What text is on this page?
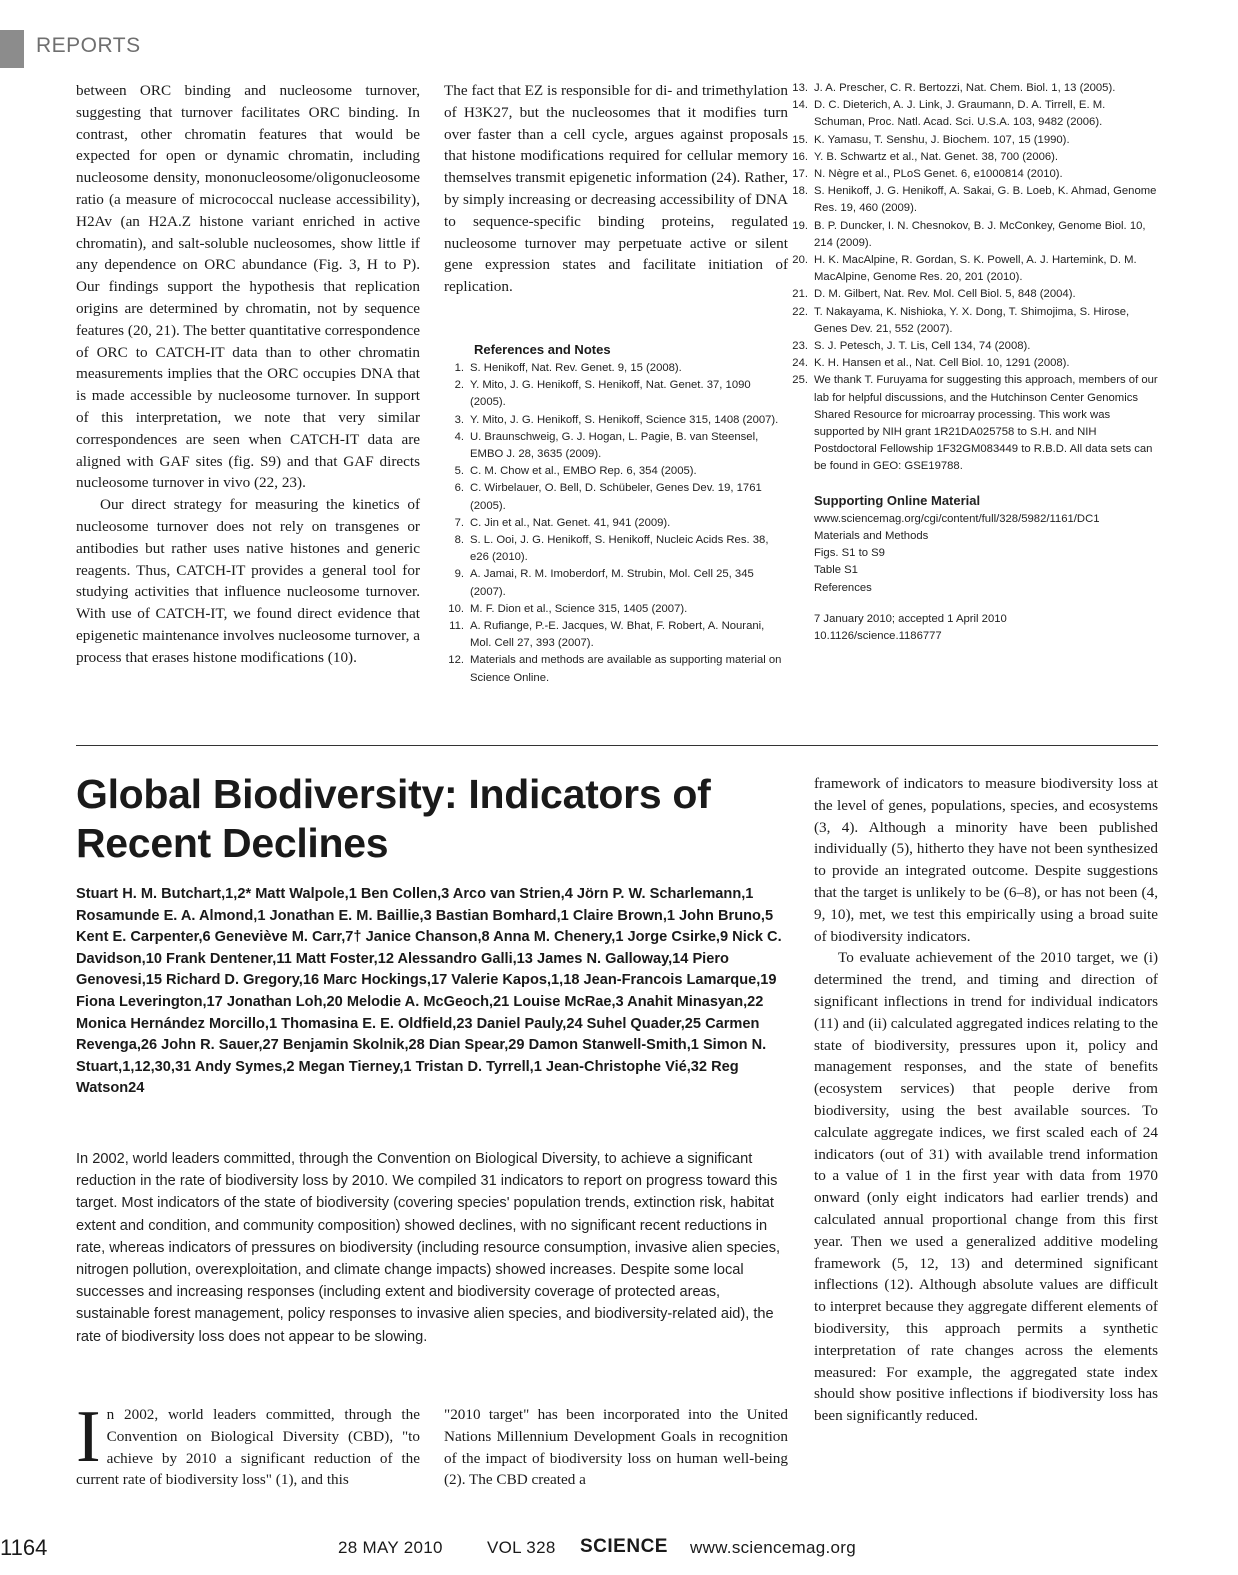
REPORTS

between ORC binding and nucleosome turnover, suggesting that turnover facilitates ORC binding. In contrast, other chromatin features that would be expected for open or dynamic chromatin, including nucleosome density, mononucleosome/oligonucleosome ratio (a measure of micrococcal nuclease accessibility), H2Av (an H2A.Z histone variant enriched in active chromatin), and salt-soluble nucleosomes, show little if any dependence on ORC abundance (Fig. 3, H to P). Our findings support the hypothesis that replication origins are determined by chromatin, not by sequence features (20, 21). The better quantitative correspondence of ORC to CATCH-IT data than to other chromatin measurements implies that the ORC occupies DNA that is made accessible by nucleosome turnover. In support of this interpretation, we note that very similar correspondences are seen when CATCH-IT data are aligned with GAF sites (fig. S9) and that GAF directs nucleosome turnover in vivo (22, 23).

Our direct strategy for measuring the kinetics of nucleosome turnover does not rely on transgenes or antibodies but rather uses native histones and generic reagents. Thus, CATCH-IT provides a general tool for studying activities that influence nucleosome turnover. With use of CATCH-IT, we found direct evidence that epigenetic maintenance involves nucleosome turnover, a process that erases histone modifications (10).

The fact that EZ is responsible for di- and trimethylation of H3K27, but the nucleosomes that it modifies turn over faster than a cell cycle, argues against proposals that histone modifications required for cellular memory themselves transmit epigenetic information (24). Rather, by simply increasing or decreasing accessibility of DNA to sequence-specific binding proteins, regulated nucleosome turnover may perpetuate active or silent gene expression states and facilitate initiation of replication.

References and Notes
1. S. Henikoff, Nat. Rev. Genet. 9, 15 (2008).
2. Y. Mito, J. G. Henikoff, S. Henikoff, Nat. Genet. 37, 1090 (2005).
3. Y. Mito, J. G. Henikoff, S. Henikoff, Science 315, 1408 (2007).
4. U. Braunschweig, G. J. Hogan, L. Pagie, B. van Steensel, EMBO J. 28, 3635 (2009).
5. C. M. Chow et al., EMBO Rep. 6, 354 (2005).
6. C. Wirbelauer, O. Bell, D. Schübeler, Genes Dev. 19, 1761 (2005).
7. C. Jin et al., Nat. Genet. 41, 941 (2009).
8. S. L. Ooi, J. G. Henikoff, S. Henikoff, Nucleic Acids Res. 38, e26 (2010).
9. A. Jamai, R. M. Imoberdorf, M. Strubin, Mol. Cell 25, 345 (2007).
10. M. F. Dion et al., Science 315, 1405 (2007).
11. A. Rufiange, P.-E. Jacques, W. Bhat, F. Robert, A. Nourani, Mol. Cell 27, 393 (2007).
12. Materials and methods are available as supporting material on Science Online.
13. J. A. Prescher, C. R. Bertozzi, Nat. Chem. Biol. 1, 13 (2005).
14. D. C. Dieterich, A. J. Link, J. Graumann, D. A. Tirrell, E. M. Schuman, Proc. Natl. Acad. Sci. U.S.A. 103, 9482 (2006).
15. K. Yamasu, T. Senshu, J. Biochem. 107, 15 (1990).
16. Y. B. Schwartz et al., Nat. Genet. 38, 700 (2006).
17. N. Nègre et al., PLoS Genet. 6, e1000814 (2010).
18. S. Henikoff, J. G. Henikoff, A. Sakai, G. B. Loeb, K. Ahmad, Genome Res. 19, 460 (2009).
19. B. P. Duncker, I. N. Chesnokov, B. J. McConkey, Genome Biol. 10, 214 (2009).
20. H. K. MacAlpine, R. Gordan, S. K. Powell, A. J. Hartemink, D. M. MacAlpine, Genome Res. 20, 201 (2010).
21. D. M. Gilbert, Nat. Rev. Mol. Cell Biol. 5, 848 (2004).
22. T. Nakayama, K. Nishioka, Y. X. Dong, T. Shimojima, S. Hirose, Genes Dev. 21, 552 (2007).
23. S. J. Petesch, J. T. Lis, Cell 134, 74 (2008).
24. K. H. Hansen et al., Nat. Cell Biol. 10, 1291 (2008).
25. We thank T. Furuyama for suggesting this approach, members of our lab for helpful discussions, and the Hutchinson Center Genomics Shared Resource for microarray processing. This work was supported by NIH grant 1R21DA025758 to S.H. and NIH Postdoctoral Fellowship 1F32GM083449 to R.B.D. All data sets can be found in GEO: GSE19788.
Supporting Online Material
www.sciencemag.org/cgi/content/full/328/5982/1161/DC1
Materials and Methods
Figs. S1 to S9
Table S1
References
7 January 2010; accepted 1 April 2010
10.1126/science.1186777
Global Biodiversity: Indicators of Recent Declines

Stuart H. M. Butchart,1,2* Matt Walpole,1 Ben Collen,3 Arco van Strien,4 Jörn P. W. Scharlemann,1 Rosamunde E. A. Almond,1 Jonathan E. M. Baillie,3 Bastian Bomhard,1 Claire Brown,1 John Bruno,5 Kent E. Carpenter,6 Geneviève M. Carr,7† Janice Chanson,8 Anna M. Chenery,1 Jorge Csirke,9 Nick C. Davidson,10 Frank Dentener,11 Matt Foster,12 Alessandro Galli,13 James N. Galloway,14 Piero Genovesi,15 Richard D. Gregory,16 Marc Hockings,17 Valerie Kapos,1,18 Jean-Francois Lamarque,19 Fiona Leverington,17 Jonathan Loh,20 Melodie A. McGeoch,21 Louise McRae,3 Anahit Minasyan,22 Monica Hernández Morcillo,1 Thomasina E. E. Oldfield,23 Daniel Pauly,24 Suhel Quader,25 Carmen Revenga,26 John R. Sauer,27 Benjamin Skolnik,28 Dian Spear,29 Damon Stanwell-Smith,1 Simon N. Stuart,1,12,30,31 Andy Symes,2 Megan Tierney,1 Tristan D. Tyrrell,1 Jean-Christophe Vié,32 Reg Watson24

In 2002, world leaders committed, through the Convention on Biological Diversity, to achieve a significant reduction in the rate of biodiversity loss by 2010. We compiled 31 indicators to report on progress toward this target. Most indicators of the state of biodiversity (covering species' population trends, extinction risk, habitat extent and condition, and community composition) showed declines, with no significant recent reductions in rate, whereas indicators of pressures on biodiversity (including resource consumption, invasive alien species, nitrogen pollution, overexploitation, and climate change impacts) showed increases. Despite some local successes and increasing responses (including extent and biodiversity coverage of protected areas, sustainable forest management, policy responses to invasive alien species, and biodiversity-related aid), the rate of biodiversity loss does not appear to be slowing.

In 2002, world leaders committed, through the Convention on Biological Diversity (CBD), "to achieve by 2010 a significant reduction of the current rate of biodiversity loss" (1), and this

"2010 target" has been incorporated into the United Nations Millennium Development Goals in recognition of the impact of biodiversity loss on human well-being (2). The CBD created a

framework of indicators to measure biodiversity loss at the level of genes, populations, species, and ecosystems (3, 4). Although a minority have been published individually (5), hitherto they have not been synthesized to provide an integrated outcome. Despite suggestions that the target is unlikely to be (6–8), or has not been (4, 9, 10), met, we test this empirically using a broad suite of biodiversity indicators.

To evaluate achievement of the 2010 target, we (i) determined the trend, and timing and direction of significant inflections in trend for individual indicators (11) and (ii) calculated aggregated indices relating to the state of biodiversity, pressures upon it, policy and management responses, and the state of benefits (ecosystem services) that people derive from biodiversity, using the best available sources. To calculate aggregate indices, we first scaled each of 24 indicators (out of 31) with available trend information to a value of 1 in the first year with data from 1970 onward (only eight indicators had earlier trends) and calculated annual proportional change from this first year. Then we used a generalized additive modeling framework (5, 12, 13) and determined significant inflections (12). Although absolute values are difficult to interpret because they aggregate different elements of biodiversity, this approach permits a synthetic interpretation of rate changes across the elements measured: For example, the aggregated state index should show positive inflections if biodiversity loss has been significantly reduced.

1164	28 MAY 2010	VOL 328 SCIENCE www.sciencemag.org
